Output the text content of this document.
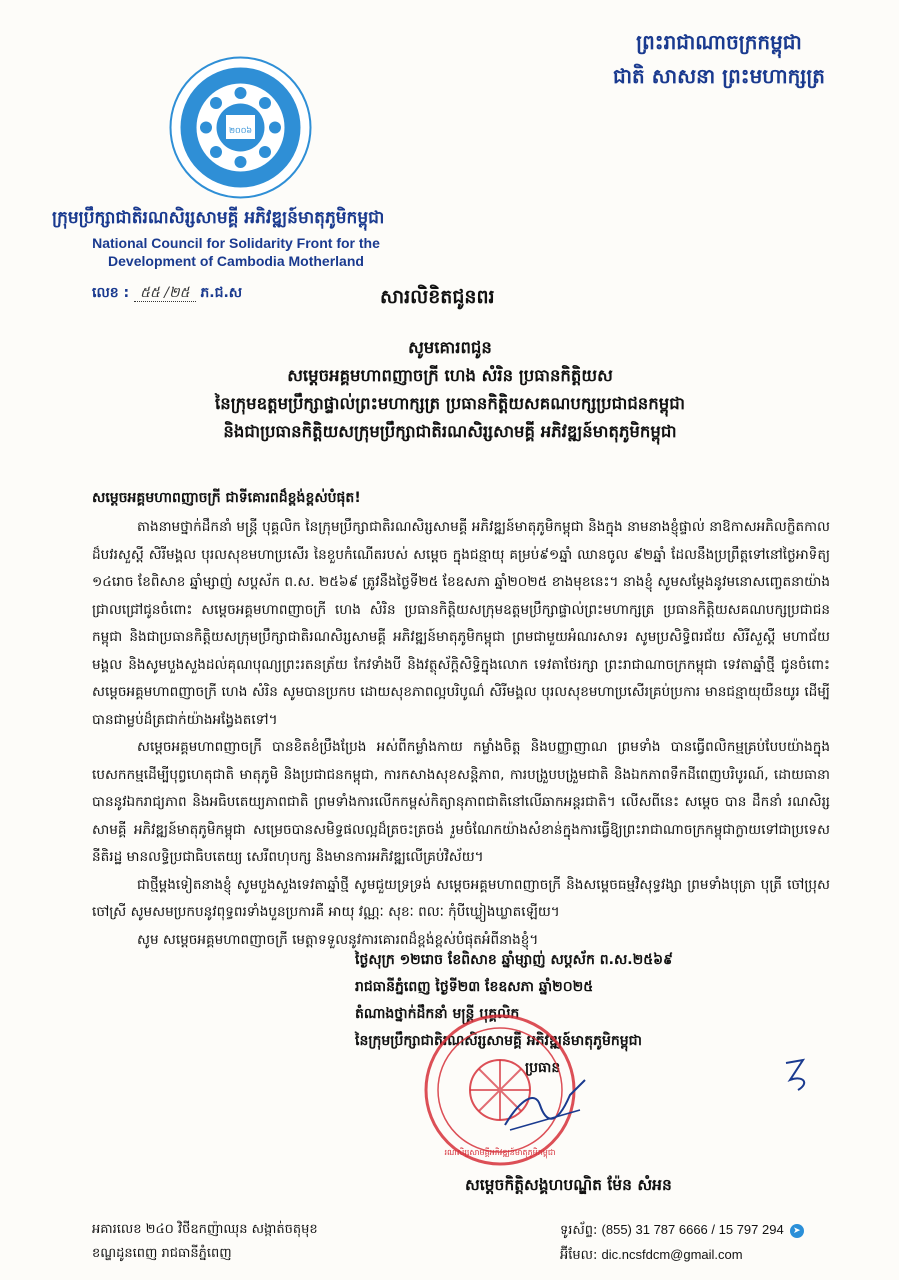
២០០៦
ព្រះរាជាណាចក្រកម្ពុជា
ជាតិ សាសនា ព្រះមហាក្សត្រ
ក្រុមប្រឹក្សាជាតិរណសិរ្សសាមគ្គី អភិវឌ្ឍន៍មាតុភូមិកម្ពុជា
National Council for Solidarity Front for the
Development of Cambodia Motherland
លេខ : ៥៥ /២៥ ភ.ជ.ស	សារលិខិតជូនពរ
សូមគោរពជូន
សម្តេចអគ្គមហាពញាចក្រី ហេង សំរិន ប្រធានកិត្តិយស
នៃក្រុមឧត្តមប្រឹក្សាផ្ទាល់ព្រះមហាក្សត្រ ប្រធានកិត្តិយសគណបក្សប្រជាជនកម្ពុជា
និងជាប្រធានកិត្តិយសក្រុមប្រឹក្សាជាតិរណសិរ្សសាមគ្គី អភិវឌ្ឍន៍មាតុភូមិកម្ពុជា
សម្តេចអគ្គមហាពញាចក្រី ជាទីគោរពដ៏ខ្ពង់ខ្ពស់បំផុត!

តាងនាមថ្នាក់ដឹកនាំ មន្ត្រី បុគ្គលិក នៃក្រុមប្រឹក្សាជាតិរណសិរ្សសាមគ្គី អភិវឌ្ឍន៍មាតុភូមិកម្ពុជា និងក្នុង នាមនាងខ្ញុំផ្ទាល់ នាឱកាសអភិលក្ខិតកាលដ៏បវរសួស្តី សិរីមង្គល បុរលសុខមហាប្រសើរ នៃខួបកំណើតរបស់ សម្តេច ក្នុងជន្មាយុ គម្រប់៩១ឆ្នាំ ឈានចូល ៩២ឆ្នាំ ដែលនឹងប្រព្រឹត្តទៅនៅថ្ងៃអាទិត្យ ១៤រោច ខែពិសាខ ឆ្នាំម្សាញ់ សប្តស័ក ព.ស. ២៥៦៩ ត្រូវនឹងថ្ងៃទី២៥ ខែឧសភា ឆ្នាំ២០២៥ ខាងមុខនេះ។ នាងខ្ញុំ សូមសម្តែងនូវមនោសញ្ចេតនាយ៉ាងជ្រាលជ្រៅជូនចំពោះ សម្តេចអគ្គមហាពញាចក្រី ហេង សំរិន ប្រធានកិត្តិយសក្រុមឧត្តមប្រឹក្សាផ្ទាល់ព្រះមហាក្សត្រ ប្រធានកិត្តិយសគណបក្សប្រជាជនកម្ពុជា និងជាប្រធានកិត្តិយសក្រុមប្រឹក្សាជាតិរណសិរ្សសាមគ្គី អភិវឌ្ឍន៍មាតុភូមិកម្ពុជា ព្រមជាមួយអំណរសាទរ សូមប្រសិទ្ធិពរជ័យ សិរីសួស្តី មហាជ័យមង្គល និងសូមបួងសួងដល់គុណបុណ្យព្រះរតនត្រ័យ កែវទាំងបី និងវត្ថុស័ក្តិសិទ្ធិក្នុងលោក ទេវតាថែរក្សា ព្រះរាជាណាចក្រកម្ពុជា ទេវតាឆ្នាំថ្មី ជូនចំពោះ សម្តេចអគ្គមហាពញាចក្រី ហេង សំរិន សូមបានប្រកប ដោយសុខភាពល្អបរិបូណ៌ សិរីមង្គល បុរលសុខមហាប្រសើរគ្រប់ប្រការ មានជន្មាយុយឺនយូរ ដើម្បីបានជាម្លប់ដ៏ត្រជាក់យ៉ាងអង្វែងតទៅ។

សម្តេចអគ្គមហាពញាចក្រី បានខិតខំប្រឹងប្រែង អស់ពីកម្លាំងកាយ កម្លាំងចិត្ត និងបញ្ញាញាណ ព្រមទាំង បានធ្វើពលិកម្មគ្រប់បែបយ៉ាងក្នុងបេសកកម្មដើម្បីបុព្វហេតុជាតិ មាតុភូមិ និងប្រជាជនកម្ពុជា, ការកសាងសុខសន្តិភាព, ការបង្រួបបង្រួមជាតិ និងឯកភាពទឹកដីពេញបរិបូរណ៍, ដោយធានាបាននូវឯករាជ្យភាព និងអធិបតេយ្យភាពជាតិ ព្រមទាំងការលើកកម្ពស់កិត្យានុភាពជាតិនៅលើឆាកអន្តរជាតិ។ លើសពីនេះ សម្តេច បាន ដឹកនាំ រណសិរ្សសាមគ្គី អភិវឌ្ឍន៍មាតុភូមិកម្ពុជា សម្រេចបានសមិទ្ធផលល្អដ៏ត្រចះត្រចង់ រួមចំណែកយ៉ាងសំខាន់ក្នុងការធ្វើឱ្យព្រះរាជាណាចក្រកម្ពុជាក្លាយទៅជាប្រទេសនីតិរដ្ឋ មានលទ្ធិប្រជាធិបតេយ្យ សេរីពហុបក្ស និងមានការអភិវឌ្ឍលើគ្រប់វិស័យ។

ជាថ្មីម្តងទៀតនាងខ្ញុំ សូមបួងសួងទេវតាឆ្នាំថ្មី សូមជួយទ្រទ្រង់ សម្តេចអគ្គមហាពញាចក្រី និងសម្តេចធម្មវិសុទ្ធវង្សា ព្រមទាំងបុត្រា បុត្រី ចៅប្រុស ចៅស្រី សូមសមប្រកបនូវពុទ្ធពរទាំងបួនប្រការគឺ អាយុ វណ្ណៈ សុខៈ ពលៈ កុំបីឃ្លៀងឃ្លាតឡើយ។

សូម សម្តេចអគ្គមហាពញាចក្រី មេត្តាទទួលនូវការគោរពដ៏ខ្ពង់ខ្ពស់បំផុតអំពីនាងខ្ញុំ។

ថ្ងៃសុក្រ ១២រោច ខែពិសាខ ឆ្នាំម្សាញ់ សប្តស័ក ព.ស.២៥៦៩
រាជធានីភ្នំពេញ ថ្ងៃទី២៣ ខែឧសភា ឆ្នាំ២០២៥
តំណាងថ្នាក់ដឹកនាំ មន្ត្រី បុគ្គលិក
នៃក្រុមប្រឹក្សាជាតិរណសិរ្សសាមគ្គី អភិវឌ្ឍន៍មាតុភូមិកម្ពុជា
ប្រធាន
រណសិរ្សសាមគ្គីអភិវឌ្ឍន៍មាតុភូមិកម្ពុជា
សម្តេចកិត្តិសង្គហបណ្ឌិត ម៉ែន សំអន
អគារលេខ ២៤០ វិថីឧកញ៉ាឈុន សង្កាត់ចតុមុខ
ខណ្ឌដូនពេញ រាជធានីភ្នំពេញ
ទូរស័ព្ទ: (855) 31 787 6666 / 15 797 294 ➤
អ៊ីមែល: dic.ncsfdcm@gmail.com
